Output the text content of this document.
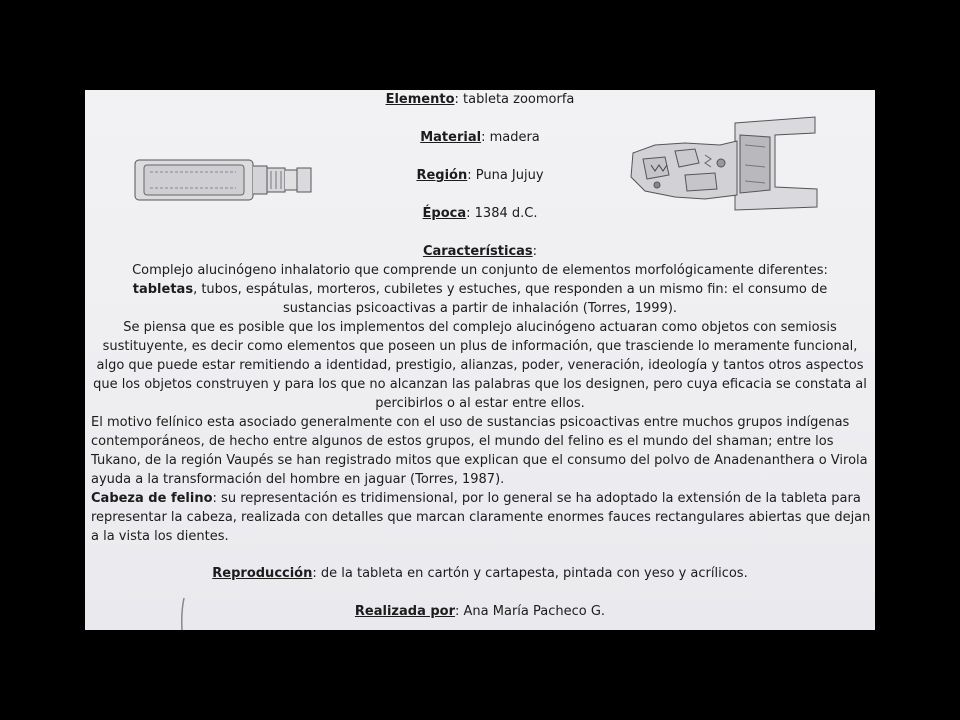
Elemento: tableta zoomorfa
Material: madera
Región: Puna Jujuy
Época: 1384 d.C.
Características:
Complejo alucinógeno inhalatorio que comprende un conjunto de elementos morfológicamente diferentes: tabletas, tubos, espátulas, morteros, cubiletes y estuches, que responden a un mismo fin: el consumo de sustancias psicoactivas a partir de inhalación (Torres, 1999).
Se piensa que es posible que los implementos del complejo alucinógeno actuaran como objetos con semiosis sustituyente, es decir como elementos que poseen un plus de información, que trasciende lo meramente funcional, algo que puede estar remitiendo a identidad, prestigio, alianzas, poder, veneración, ideología y tantos otros aspectos que los objetos construyen y para los que no alcanzan las palabras que los designen, pero cuya eficacia se constata al percibirlos o al estar entre ellos.
El motivo felínico esta asociado generalmente con el uso de sustancias psicoactivas entre muchos grupos indígenas contemporáneos, de hecho entre algunos de estos grupos, el mundo del felino es el mundo del shaman; entre los Tukano, de la región Vaupés se han registrado mitos que explican que el consumo del polvo de Anadenanthera o Virola ayuda a la transformación del hombre en jaguar (Torres, 1987).
Cabeza de felino: su representación es tridimensional, por lo general se ha adoptado la extensión de la tableta para representar la cabeza, realizada con detalles que marcan claramente enormes fauces rectangulares abiertas que dejan a la vista los dientes.
Reproducción: de la tableta en cartón y cartapesta, pintada con yeso y acrílicos.
Realizada por: Ana María Pacheco G.
